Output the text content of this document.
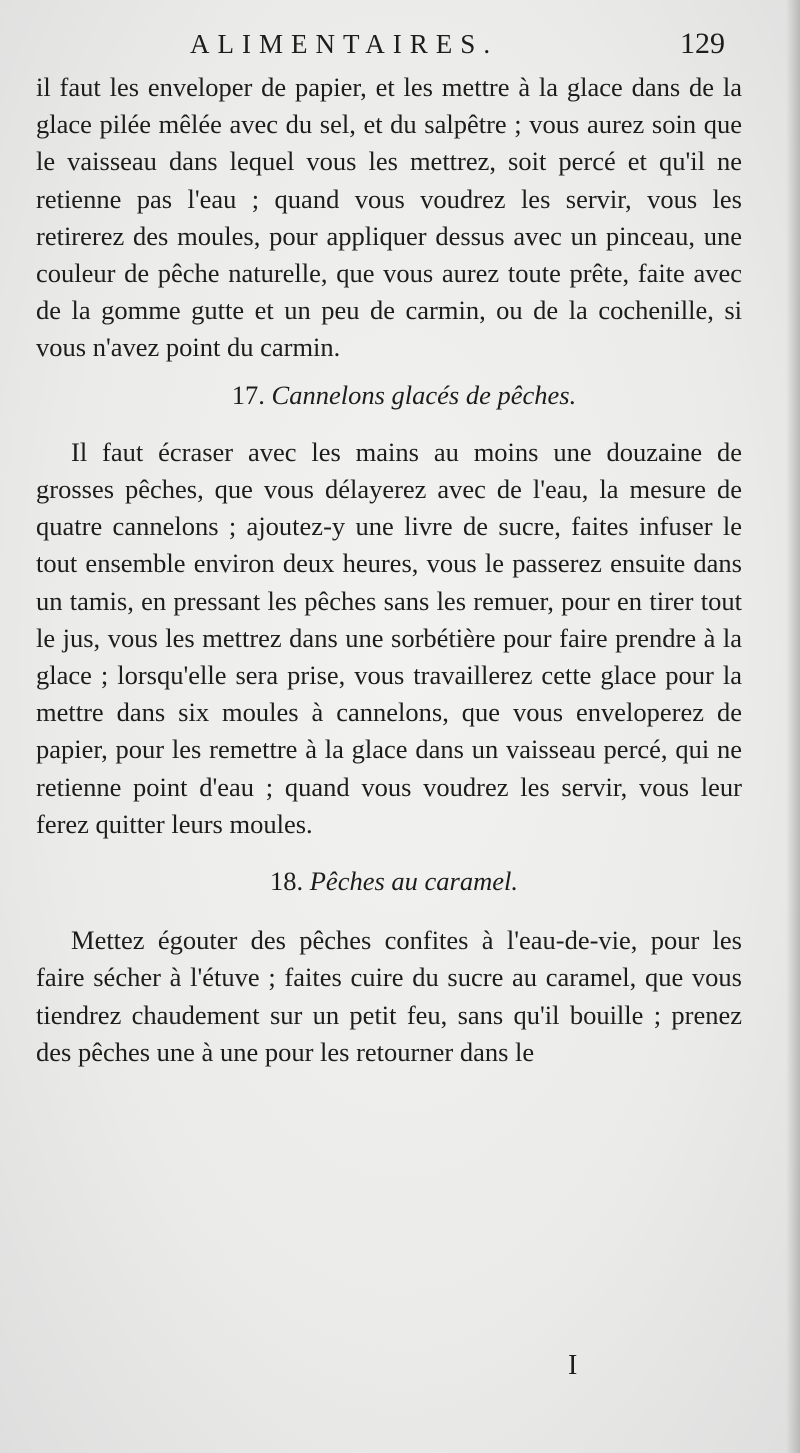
ALIMENTAIRES.	129

il faut les enveloper de papier, et les mettre à la glace dans de la glace pilée mêlée avec du sel, et du salpêtre ; vous aurez soin que le vaisseau dans lequel vous les mettrez, soit percé et qu'il ne retienne pas l'eau ; quand vous voudrez les servir, vous les retirerez des moules, pour appliquer dessus avec un pinceau, une couleur de pêche naturelle, que vous aurez toute prête, faite avec de la gomme gutte et un peu de carmin, ou de la cochenille, si vous n'avez point du carmin.

17. Cannelons glacés de pêches.

Il faut écraser avec les mains au moins une douzaine de grosses pêches, que vous délayerez avec de l'eau, la mesure de quatre cannelons ; ajoutez-y une livre de sucre, faites infuser le tout ensemble environ deux heures, vous le passerez ensuite dans un tamis, en pressant les pêches sans les remuer, pour en tirer tout le jus, vous les mettrez dans une sorbétière pour faire prendre à la glace ; lorsqu'elle sera prise, vous travaillerez cette glace pour la mettre dans six moules à cannelons, que vous enveloperez de papier, pour les remettre à la glace dans un vaisseau percé, qui ne retienne point d'eau ; quand vous voudrez les servir, vous leur ferez quitter leurs moules.

18. Pêches au caramel.

Mettez égouter des pêches confites à l'eau-de-vie, pour les faire sécher à l'étuve ; faites cuire du sucre au caramel, que vous tiendrez chaudement sur un petit feu, sans qu'il bouille ; prenez des pêches une à une pour les retourner dans le

I
